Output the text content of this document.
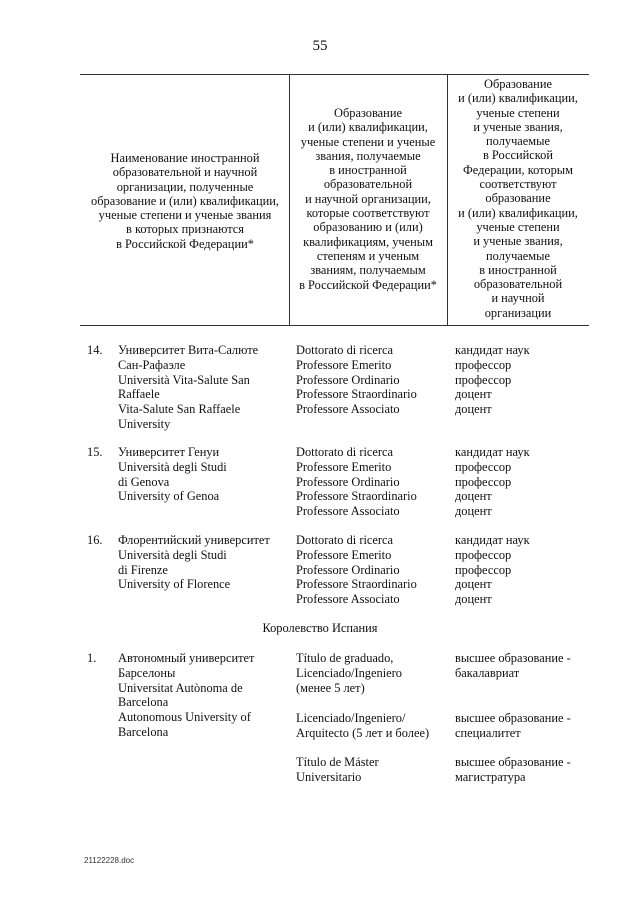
55
Наименование иностранной
образовательной и научной
организации, полученные
образование и (или) квалификации,
ученые степени и ученые звания
в которых признаются
в Российской Федерации*
Образование
и (или) квалификации,
ученые степени и ученые
звания, получаемые
в иностранной
образовательной
и научной организации,
которые соответствуют
образованию и (или)
квалификациям, ученым
степеням и ученым
званиям, получаемым
в Российской Федерации*
Образование
и (или) квалификации,
ученые степени
и ученые звания,
получаемые
в Российской
Федерации, которым
соответствуют
образование
и (или) квалификации,
ученые степени
и ученые звания,
получаемые
в иностранной
образовательной
и научной
организации
14. Университет Вита-Салюте
Сан-Рафаэле
Università Vita-Salute San
Raffaele
Vita-Salute San Raffaele
University
Dottorato di ricerca
Professore Emerito
Professore Ordinario
Professore Straordinario
Professore Associato
кандидат наук
профессор
профессор
доцент
доцент
15. Университет Генуи
Università degli Studi
di Genova
University of Genoa
Dottorato di ricerca
Professore Emerito
Professore Ordinario
Professore Straordinario
Professore Associato
кандидат наук
профессор
профессор
доцент
доцент
16. Флорентийский университет
Università degli Studi
di Firenze
University of Florence
Dottorato di ricerca
Professore Emerito
Professore Ordinario
Professore Straordinario
Professore Associato
кандидат наук
профессор
профессор
доцент
доцент
Королевство Испания
1. Автономный университет
Барселоны
Universitat Autònoma de
Barcelona
Autonomous University of
Barcelona
Título de graduado,
Licenciado/Ingeniero
(менее 5 лет)
высшее образование -
бакалавриат
Licenciado/Ingeniero/
Arquitecto (5 лет и более)
высшее образование -
специалитет
Título de Máster
Universitario
высшее образование -
магистратура
21122228.doc
